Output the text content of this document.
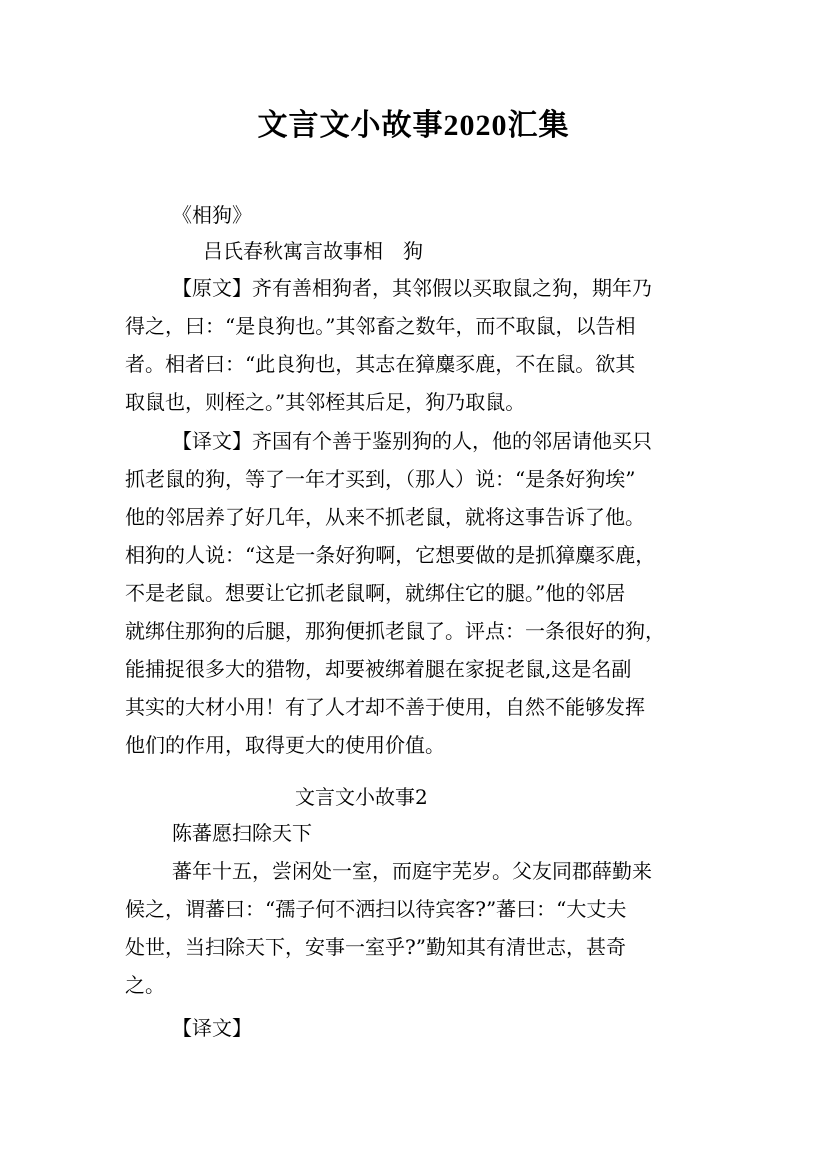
文言文小故事2020汇集
《相狗》
吕氏春秋寓言故事相　狗
【原文】齐有善相狗者，其邻假以买取鼠之狗，期年乃
得之，曰：“是良狗也。”其邻畜之数年，而不取鼠，以告相
者。相者曰：“此良狗也，其志在獐麋豕鹿，不在鼠。欲其
取鼠也，则桎之。”其邻桎其后足，狗乃取鼠。
【译文】齐国有个善于鉴别狗的人，他的邻居请他买只
抓老鼠的狗，等了一年才买到，（那人）说：“是条好狗埃”
他的邻居养了好几年，从来不抓老鼠，就将这事告诉了他。
相狗的人说：“这是一条好狗啊，它想要做的是抓獐麋豕鹿，
不是老鼠。想要让它抓老鼠啊，就绑住它的腿。”他的邻居
就绑住那狗的后腿，那狗便抓老鼠了。评点：一条很好的狗，
能捕捉很多大的猎物，却要被绑着腿在家捉老鼠,这是名副
其实的大材小用！有了人才却不善于使用，自然不能够发挥
他们的作用，取得更大的使用价值。
文言文小故事2
陈蕃愿扫除天下
蕃年十五，尝闲处一室，而庭宇芜岁。父友同郡薛勤来
候之，谓蕃曰：“孺子何不洒扫以待宾客?”蕃曰：“大丈夫
处世，当扫除天下，安事一室乎?”勤知其有清世志，甚奇
之。
【译文】
